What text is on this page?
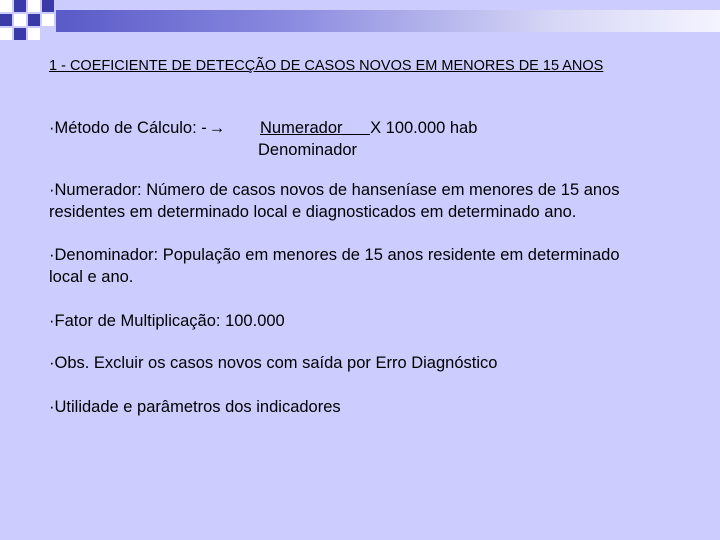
1 - COEFICIENTE DE DETECÇÃO DE CASOS NOVOS EM MENORES DE 15 ANOS
·Método de Cálculo: - → Numerador X 100.000 hab
Denominador
·Numerador: Número de casos novos de hanseníase em menores de 15 anos
residentes em determinado local e diagnosticados em determinado ano.
·Denominador: População em menores de 15 anos residente em determinado
local e ano.
·Fator de Multiplicação: 100.000
·Obs. Excluir os casos novos com saída por Erro Diagnóstico
·Utilidade e parâmetros dos indicadores
